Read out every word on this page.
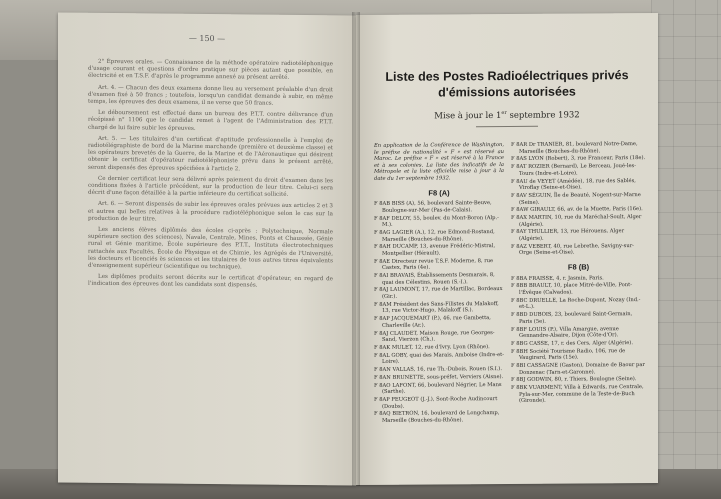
— 150 —

2° Épreuves orales. — Connaissance de la méthode opératoire radiotéléphonique d'usage courant et questions d'ordre pratique sur pièces autant que possible, en électricité et en T.S.F. d'après le programme annexé au présent arrêté.

Art. 4. — Chacun des deux examens donne lieu au versement préalable d'un droit d'examen fixé à 50 francs ; toutefois, lorsqu'un candidat demande à subir, en même temps, les épreuves des deux examens, il ne verse que 50 francs.

Le déboursement est effectué dans un bureau des P.T.T. contre délivrance d'un récépissé n° 1106 que le candidat remet à l'agent de l'Administration des P.T.T. chargé de lui faire subir les épreuves.

Art. 5. — Les titulaires d'un certificat d'aptitude professionnelle à l'emploi de radiotélégraphiste de bord de la Marine marchande (première et deuxième classe) et les opérateurs brevetés de la Guerre, de la Marine et de l'Aéronautique qui désirent obtenir le certificat d'opérateur radiotéléphoniste prévu dans le présent arrêté, seront dispensés des épreuves spécifiées à l'article 2.

Ce dernier certificat leur sera délivré après paiement du droit d'examen dans les conditions fixées à l'article précédent, sur la production de leur titre. Celui-ci sera décrit d'une façon détaillée à la partie inférieure du certificat sollicité.

Art. 6. — Seront dispensés de subir les épreuves orales prévues aux articles 2 et 3 et autres qui belles relatives à la procédure radiotéléphonique selon le cas sur la production de leur titre.

Les anciens élèves diplômés des écoles ci-après : Polytechnique, Normale supérieure section des sciences), Navale, Centrale, Mines, Ponts et Chaussée, Génie rural et Génie maritime, École supérieure des P.T.T., Instituts électrotechniques rattachés aux Facultés, École de Physique et de Chimie, les Agrégés de l'Université, les docteurs et licenciés ès sciences et les titulaires de tous autres titres équivalents d'enseignement supérieur (scientifique ou technique).

Les diplômes produits seront décrits sur le certificat d'opérateur, en regard de l'indication des épreuves dont les candidats sont dispensés.

Liste des Postes Radioélectriques privés
d'émissions autorisées
Mise à jour le 1er septembre 1932

En application de la Conférence de Washington, le préfixe de nationalité « F » est réservé au Maroc. Le préfixe « F » est réservé à la France et à ses colonies. La liste des indicatifs de la Métropole et la liste officielle mise à jour à la date du 1er septembre 1932.

F8 (A)
F 8AB BISS (A), 56, boulevard Sainte-Beuve, Boulogne-sur-Mer (Pas-de-Calais).
F 8AF DELOY, 55, boulev. du Mont-Boron (Alp.-M.).
F 8AG LAGIER (A.), 12, rue Edmond-Rostand, Marseille (Bouches-du-Rhône).
F 8AH DUCAMP, 13, avenue Frédéric-Mistral, Montpellier (Hérault).
F 8AE Directeur revue T.S.F. Moderne, 8, rue Castex, Paris (4e).
F 8AI BRAVAIS, Établissements Desmarais, 8, quai des Célestins, Rouen (S.-I.).
F 8AJ LAUMONT, 17, rue de Martillac, Bordeaux (Gir.).
F 8AM Président des Sans-Filistes du Malakoff, 13, rue Victor-Hugo, Malakoff (S.).
F 8AP JACQUEMART (P.), 46, rue Gambetta, Charleville (Ar.).
F 8AJ CLAUDET, Maison Rouge, rue Georges-Sand, Vierzon (Ch.).
F 8AK MULET, 12, rue d'Ivry, Lyon (Rhône).
F 8AL GOBY, quai des Marais, Amboise (Indre-et-Loire).
F 8AN VALLAS, 16, rue Th.-Dubois, Rouen (S.I.).
F 8AN BRUNETTE, sous-préfet, Verviers (Aisne).
F 8AO LAFONT, 66, boulevard Négrier, Le Mans (Sarthe).
F 8AP PEUGEOT (J.-J.), Sont-Roche Audincourt (Doubs).
F 8AQ BIETRON, 16, boulevard de Longchamp, Marseille (Bouches-du-Rhône).
F 8AR Dr TRANIER, 81, boulevard Notre-Dame, Marseille (Bouches-du-Rhône).
F 8AS LYON (Robert), 3, rue Franceur, Paris (18e).
F 8AT ROZIER (Bernard), Le Berceau, Joué-les-Tours (Indre-et-Loire).
F 8AU de VEYET (Amédée), 18, rue des Sablés, Viroflay (Seine-et-Oise).
F 8AV SÉGUIN, Île de Beauté, Nogent-sur-Marne (Seine).
F 8AW GIRAULT, 66, av. de la Muette, Paris (16e).
F 8AX MARTIN, 10, rue du Maréchal-Soult, Alger (Algérie).
F 8AY THULLIER, 13, rue Hérouens, Alger (Algérie).
F 8AZ VEBERT, 40, rue Lebrethe, Savigny-sur-Orge (Seine-et-Oise).
F8 (B)
F 8BA FRAISSE, 4, r. Jasmin, Paris.
F 8BB BRAULT, 10, place Mitré-de-Ville, Pont-l'Évêque (Calvados).
F 8BC DRUELLE, La Roche-Dupont, Nozay (Ind.-et-L.).
F 8BD DUBOIS, 23, boulevard Saint-Germain, Paris (5e).
F 8BF LOUIS (P.), Villa Amargue, avenue Gennandre-Alsaire, Dijon (Côte-d'Or).
F 8BG CASSE, 17, r. des Cers, Alger (Algérie).
F 8BH Société Tourisme Radio, 106, rue de Vaugirard, Paris (15e).
F 8BI CASSAGNE (Gaston), Domaine de Baour par Donzenac (Tarn-et-Garonne).
F 8BJ GODWIN, 80, r. Thiers, Boulogne (Seine).
F 8BK VUARMENT, Villa à Edwards, rue Centrale, Pyla-sur-Mer, commune de la Teste-de-Buch (Gironde).
